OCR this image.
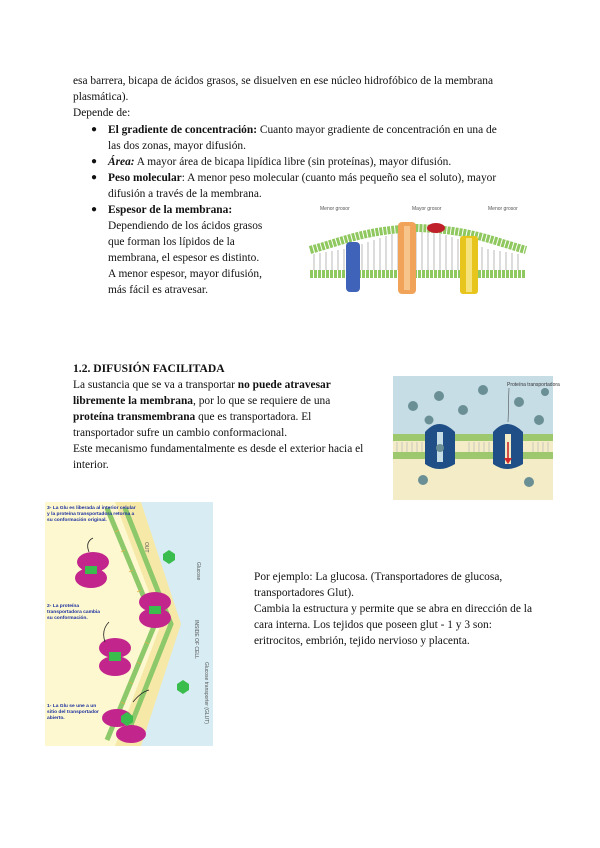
esa barrera, bicapa de ácidos grasos, se disuelven en ese núcleo hidrofóbico de la membrana

plasmática).

Depende de:

● El gradiente de concentración: Cuanto mayor gradiente de concentración en una de

las dos zonas, mayor difusión.

● Área: A mayor área de bicapa lipídica libre (sin proteínas), mayor difusión.

● Peso molecular: A menor peso molecular (cuanto más pequeño sea el soluto), mayor

difusión a través de la membrana.

● Espesor de la membrana:

Dependiendo de los ácidos grasos

que forman los lípidos de la

membrana, el espesor es distinto.

A menor espesor, mayor difusión,

más fácil es atravesar.

Menor grosor	Mayor grosor	Menor grosor
1.2. DIFUSIÓN FACILITADA

La sustancia que se va a transportar no puede atravesar

libremente la membrana, por lo que se requiere de una

proteína transmembrana que es transportadora. El

transportador sufre un cambio conformacional.

Este mecanismo fundamentalmente es desde el exterior hacia el

interior.

Proteína transportadora
3- La Glu es liberada al interior celular y la proteína transportadora retorna a su conformación original.
2- La proteína transportadora cambia su conformación.
1- La Glu se une a un sitio del transportador abierto.
OUT
Glucose
INSIDE OF CELL
Glucose transporter (GLUT)

Por ejemplo: La glucosa. (Transportadores de glucosa,

transportadores Glut).

Cambia la estructura y permite que se abra en dirección de la

cara interna. Los tejidos que poseen glut - 1 y 3 son:

eritrocitos, embrión, tejido nervioso y placenta.
